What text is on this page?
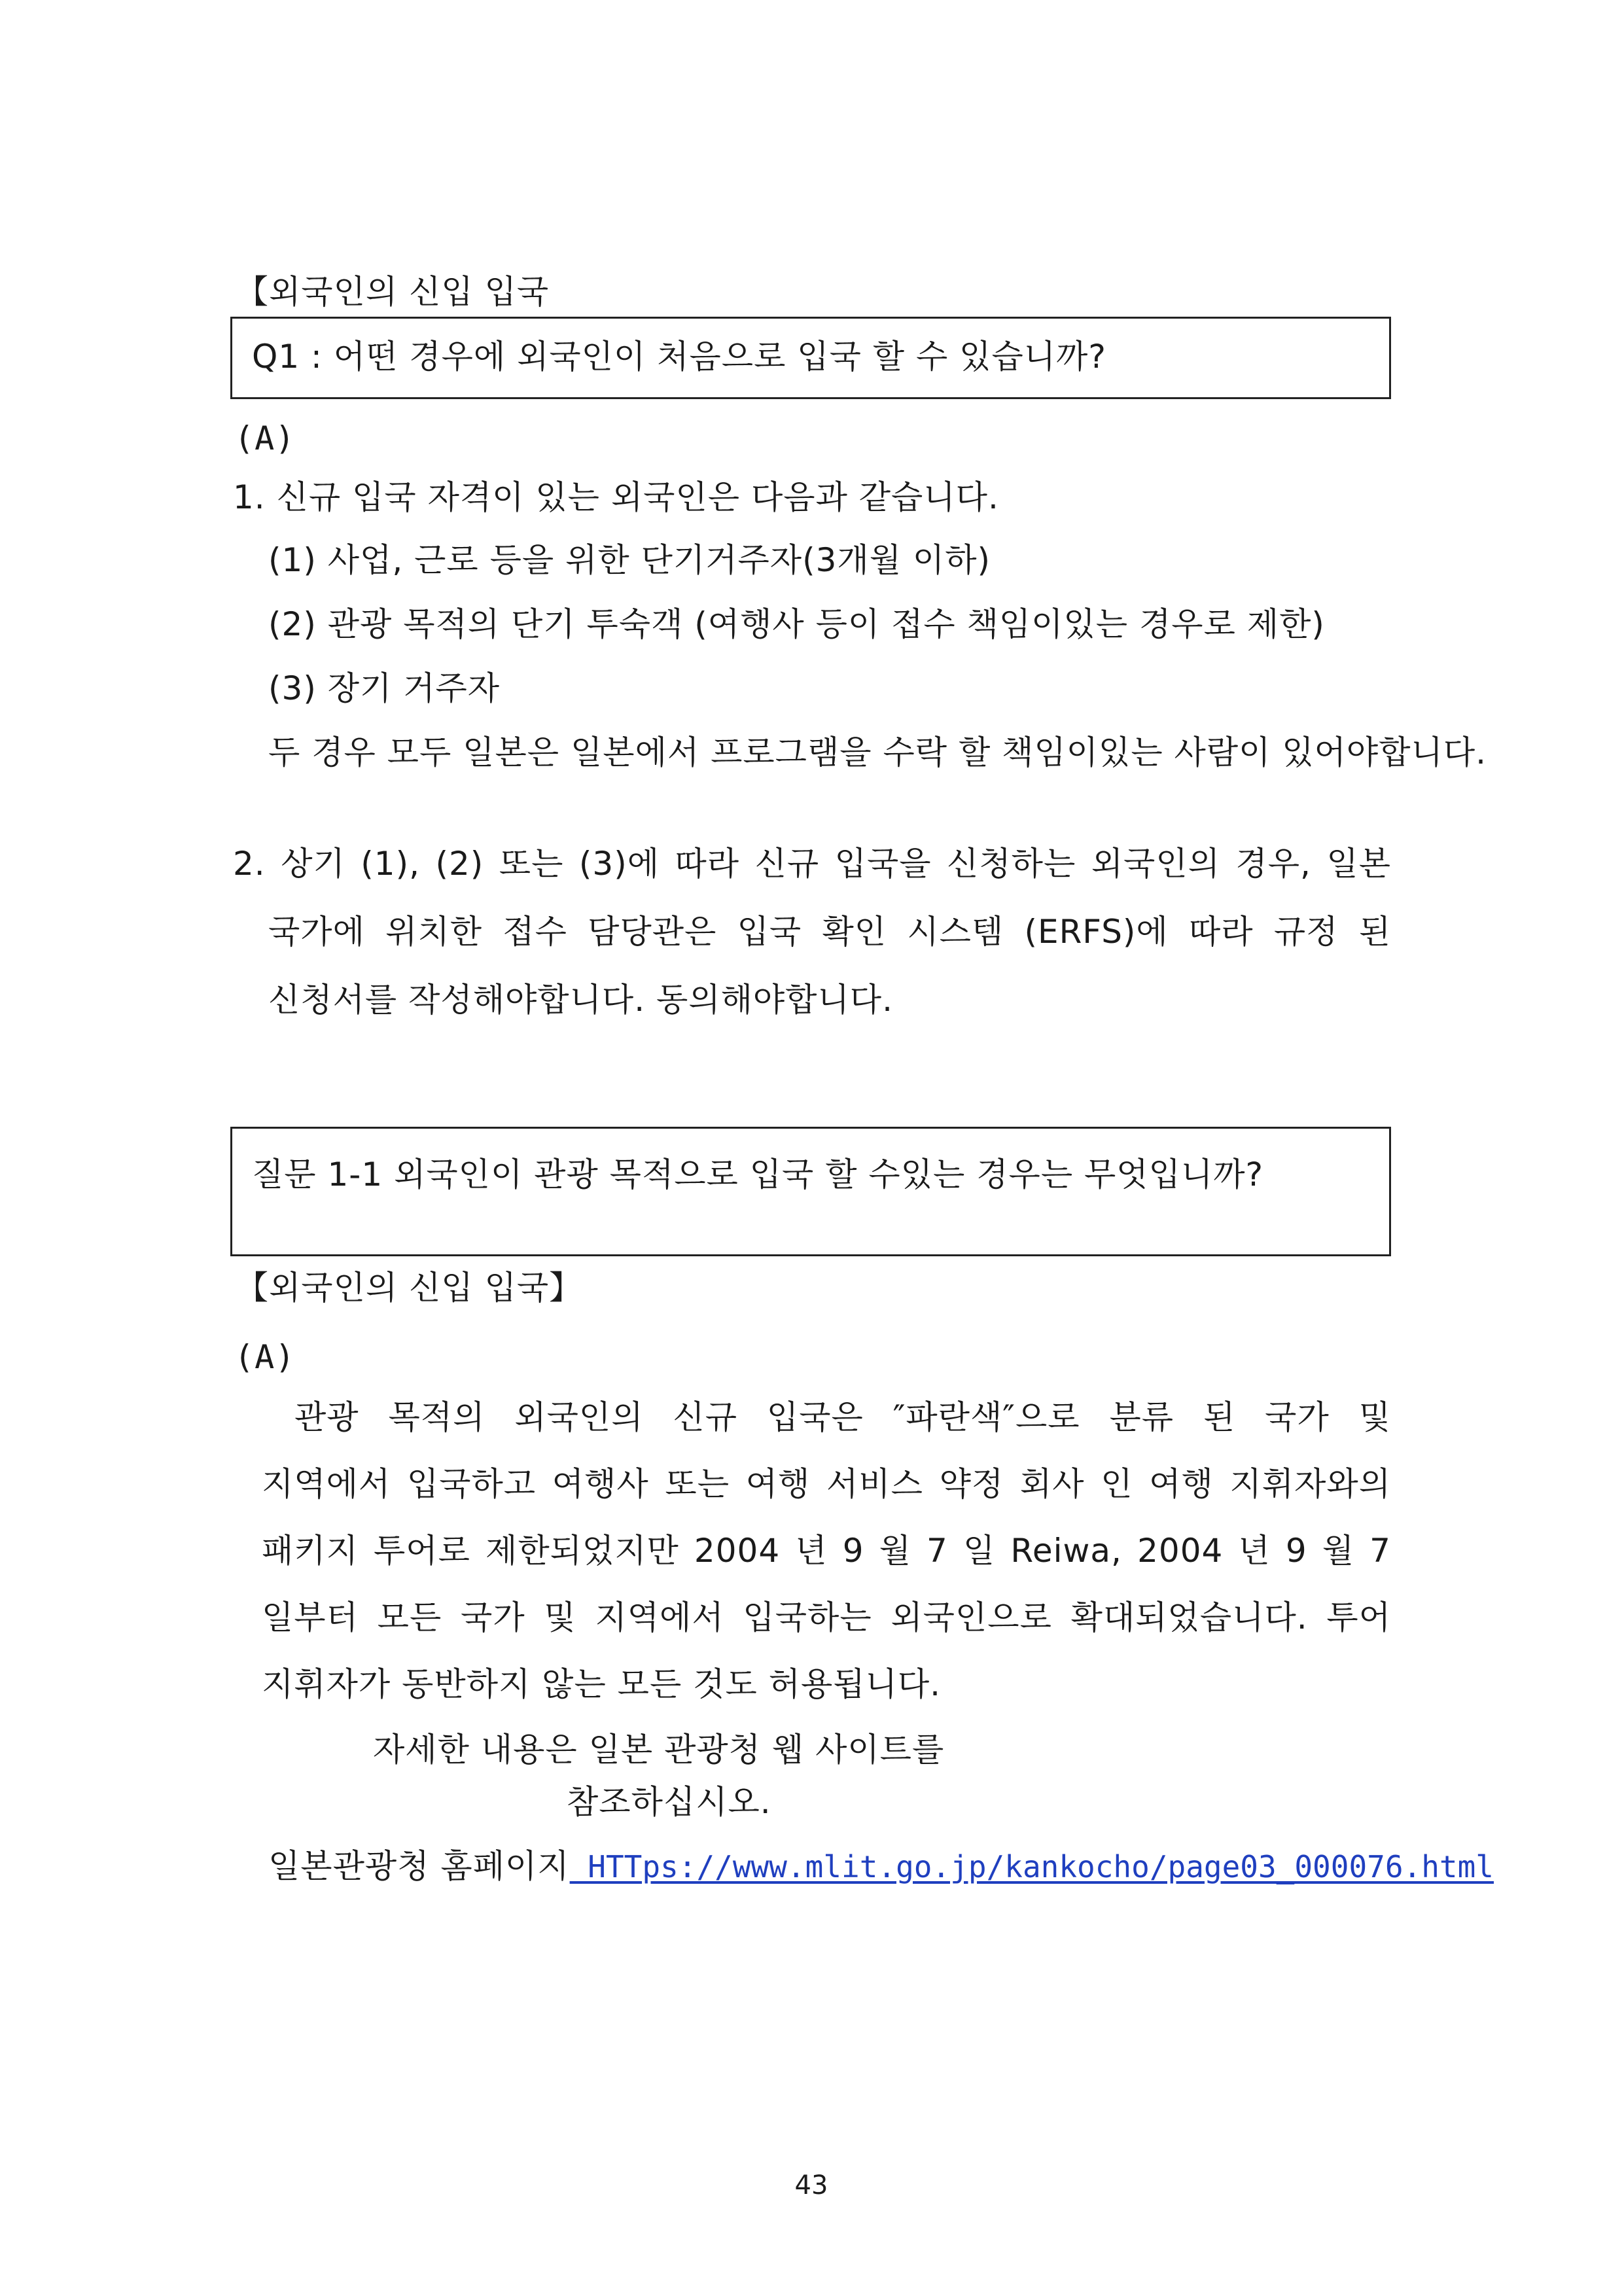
【외국인의 신입 입국
Q1 : 어떤 경우에 외국인이 처음으로 입국 할 수 있습니까?
(A)
1. 신규 입국 자격이 있는 외국인은 다음과 같습니다.
(1) 사업, 근로 등을 위한 단기거주자(3개월 이하)
(2) 관광 목적의 단기 투숙객 (여행사 등이 접수 책임이있는 경우로 제한)
(3) 장기 거주자
두 경우 모두 일본은 일본에서 프로그램을 수락 할 책임이있는 사람이 있어야합니다.
2. 상기 (1), (2) 또는 (3)에 따라 신규 입국을 신청하는 외국인의 경우, 일본
국가에 위치한 접수 담당관은 입국 확인 시스템 (ERFS)에 따라 규정 된
신청서를 작성해야합니다. 동의해야합니다.
질문 1-1 외국인이 관광 목적으로 입국 할 수있는 경우는 무엇입니까?
【외국인의 신입 입국】
(A)
관광 목적의 외국인의 신규 입국은 ″파란색″으로 분류 된 국가 및
지역에서 입국하고 여행사 또는 여행 서비스 약정 회사 인 여행 지휘자와의
패키지 투어로 제한되었지만 2004 년 9 월 7 일 Reiwa, 2004 년 9 월 7
일부터 모든 국가 및 지역에서 입국하는 외국인으로 확대되었습니다. 투어
지휘자가 동반하지 않는 모든 것도 허용됩니다.
자세한 내용은 일본 관광청 웹 사이트를
참조하십시오.
일본관광청 홈페이지 HTTps://www.mlit.go.jp/kankocho/page03_000076.html
43
